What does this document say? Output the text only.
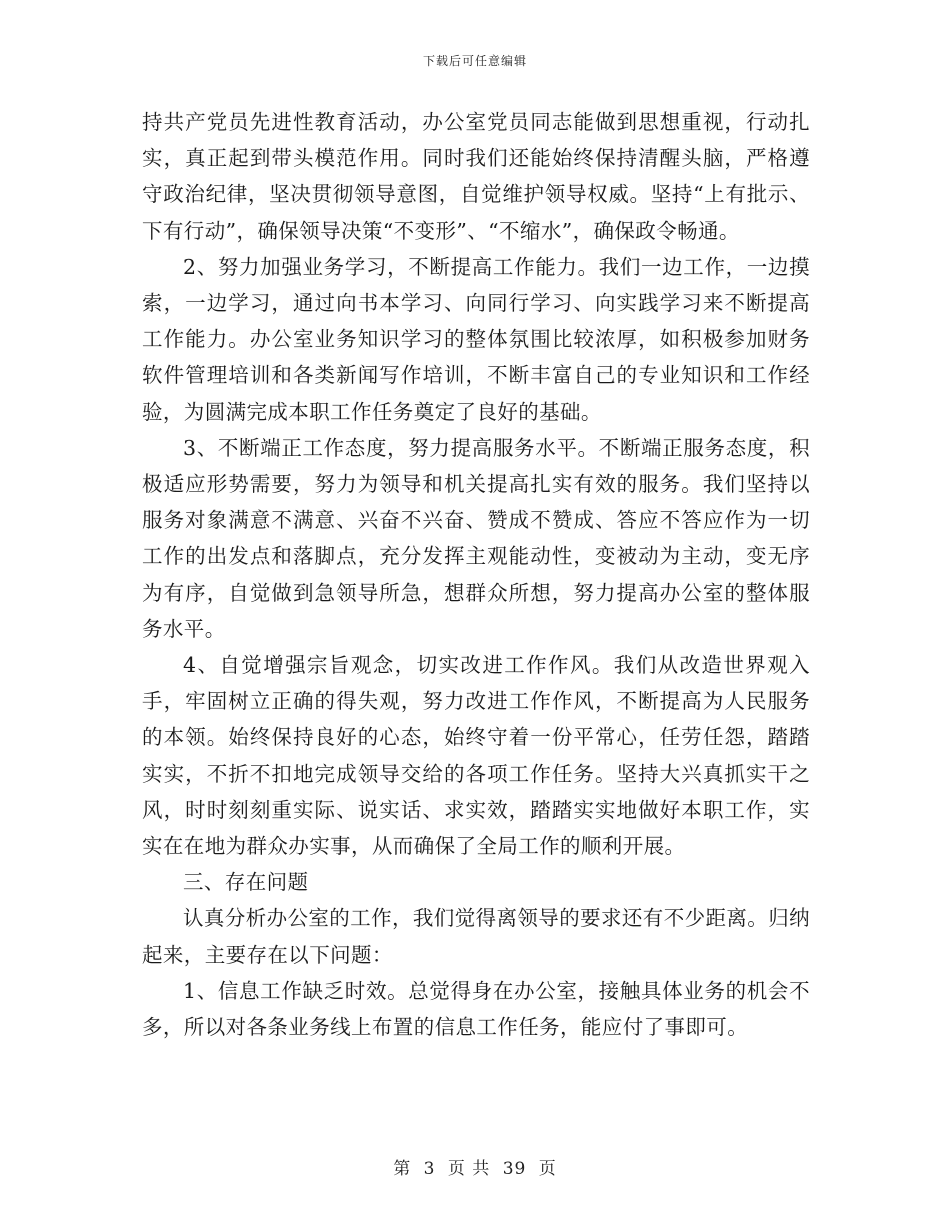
下载后可任意编辑

持共产党员先进性教育活动，办公室党员同志能做到思想重视，行动扎实，真正起到带头模范作用。同时我们还能始终保持清醒头脑，严格遵守政治纪律，坚决贯彻领导意图，自觉维护领导权威。坚持“上有批示、下有行动”，确保领导决策“不变形”、“不缩水”，确保政令畅通。

2、努力加强业务学习，不断提高工作能力。我们一边工作，一边摸索，一边学习，通过向书本学习、向同行学习、向实践学习来不断提高工作能力。办公室业务知识学习的整体氛围比较浓厚，如积极参加财务软件管理培训和各类新闻写作培训，不断丰富自己的专业知识和工作经验，为圆满完成本职工作任务奠定了良好的基础。

3、不断端正工作态度，努力提高服务水平。不断端正服务态度，积极适应形势需要，努力为领导和机关提高扎实有效的服务。我们坚持以服务对象满意不满意、兴奋不兴奋、赞成不赞成、答应不答应作为一切工作的出发点和落脚点，充分发挥主观能动性，变被动为主动，变无序为有序，自觉做到急领导所急，想群众所想，努力提高办公室的整体服务水平。

4、自觉增强宗旨观念，切实改进工作作风。我们从改造世界观入手，牢固树立正确的得失观，努力改进工作作风，不断提高为人民服务的本领。始终保持良好的心态，始终守着一份平常心，任劳任怨，踏踏实实，不折不扣地完成领导交给的各项工作任务。坚持大兴真抓实干之风，时时刻刻重实际、说实话、求实效，踏踏实实地做好本职工作，实实在在地为群众办实事，从而确保了全局工作的顺利开展。

三、存在问题

认真分析办公室的工作，我们觉得离领导的要求还有不少距离。归纳起来，主要存在以下问题：

1、信息工作缺乏时效。总觉得身在办公室，接触具体业务的机会不多，所以对各条业务线上布置的信息工作任务，能应付了事即可。

第 3 页 共 39 页
